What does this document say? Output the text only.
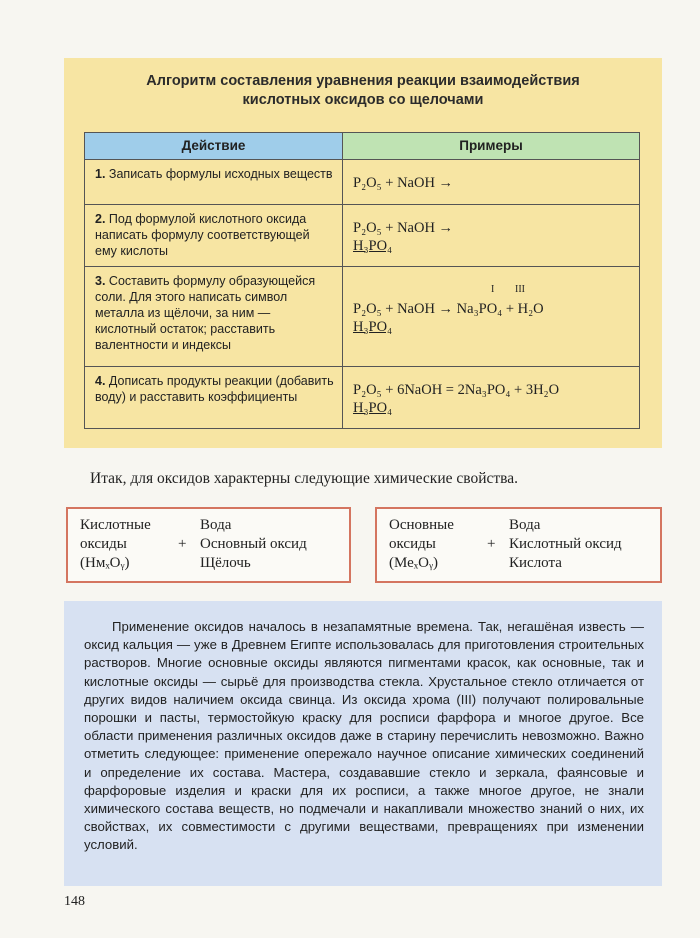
Алгоритм составления уравнения реакции взаимодействия
кислотных оксидов со щелочами
Действие	Примеры
1. Записать формулы исходных веществ	P₂O₅ + NaOH →

2. Под формулой кислотного оксида написать формулу соответствующей ему кислоты	P₂O₅ + NaOH →
H₃PO₄

3. Составить формулу образующейся соли. Для этого написать символ металла из щёлочи, за ним — кислотный остаток; расставить валентности и индексы	I III
P₂O₅ + NaOH → Na₃PO₄ + H₂O
H₃PO₄

4. Дописать продукты реакции (добавить воду) и расставить коэффициенты	P₂O₅ + 6NaOH = 2Na₃PO₄ + 3H₂O
H₃PO₄
Итак, для оксидов характерны следующие химические свойства.
Кислотные
оксиды
(НмₓOᵧ)
+
Вода
Основный оксид
Щёлочь
Основные
оксиды
(МеₓOᵧ)
+
Вода
Кислотный оксид
Кислота
Применение оксидов началось в незапамятные времена. Так, негашёная известь — оксид кальция — уже в Древнем Египте использовалась для приготовления строительных растворов. Многие основные оксиды являются пигментами красок, как основные, так и кислотные оксиды — сырьё для производства стекла. Хрустальное стекло отличается от других видов наличием оксида свинца. Из оксида хрома (III) получают полировальные порошки и пасты, термостойкую краску для росписи фарфора и многое другое. Все области применения различных оксидов даже в старину перечислить невозможно. Важно отметить следующее: применение опережало научное описание химических соединений и определение их состава. Мастера, создававшие стекло и зеркала, фаянсовые и фарфоровые изделия и краски для их росписи, а также многое другое, не знали химического состава веществ, но подмечали и накапливали множество знаний о них, их свойствах, их совместимости с другими веществами, превращениях при изменении условий.
148
